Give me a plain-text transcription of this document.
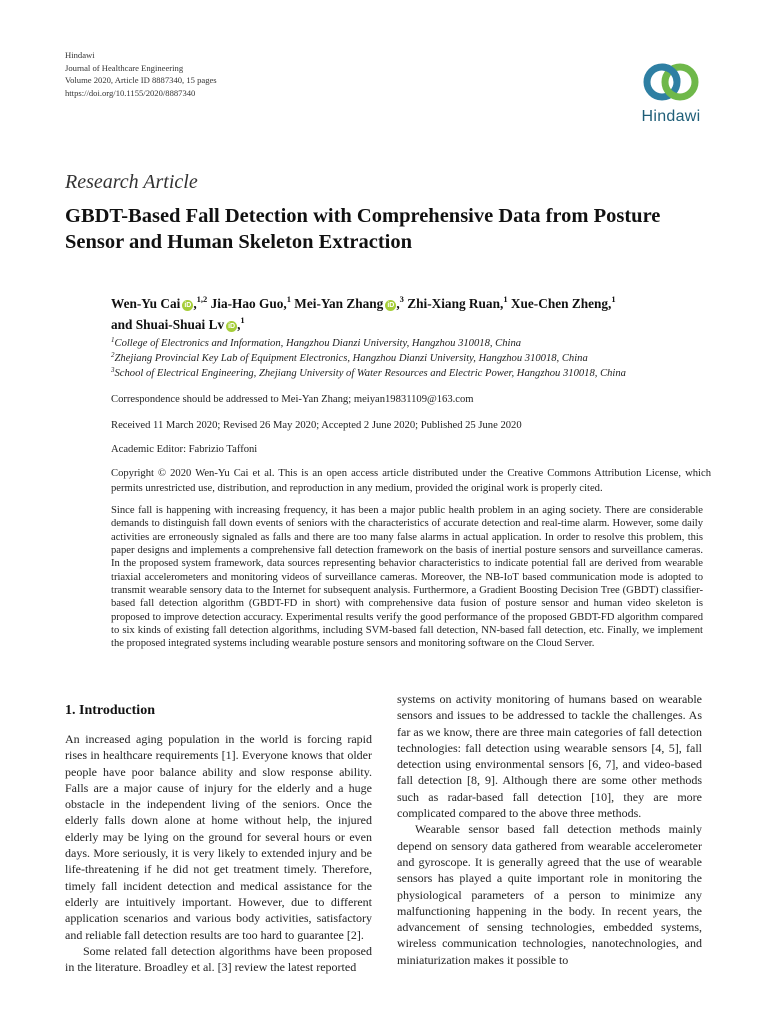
Hindawi
Journal of Healthcare Engineering
Volume 2020, Article ID 8887340, 15 pages
https://doi.org/10.1155/2020/8887340
Hindawi
Research Article
GBDT-Based Fall Detection with Comprehensive Data from Posture Sensor and Human Skeleton Extraction
Wen-Yu Cai iD ,$^{1,2}$ Jia-Hao Guo,$^1$ Mei-Yan Zhang iD ,$^3$ Zhi-Xiang Ruan,$^1$ Xue-Chen Zheng,$^1$
and Shuai-Shuai Lv iD ,$^1$
$^1$College of Electronics and Information, Hangzhou Dianzi University, Hangzhou 310018, China
$^2$Zhejiang Provincial Key Lab of Equipment Electronics, Hangzhou Dianzi University, Hangzhou 310018, China
$^3$School of Electrical Engineering, Zhejiang University of Water Resources and Electric Power, Hangzhou 310018, China
Correspondence should be addressed to Mei-Yan Zhang; meiyan19831109@163.com
Received 11 March 2020; Revised 26 May 2020; Accepted 2 June 2020; Published 25 June 2020
Academic Editor: Fabrizio Taffoni
Copyright © 2020 Wen-Yu Cai et al. This is an open access article distributed under the Creative Commons Attribution License, which permits unrestricted use, distribution, and reproduction in any medium, provided the original work is properly cited.
Since fall is happening with increasing frequency, it has been a major public health problem in an aging society. There are considerable demands to distinguish fall down events of seniors with the characteristics of accurate detection and real-time alarm. However, some daily activities are erroneously signaled as falls and there are too many false alarms in actual application. In order to resolve this problem, this paper designs and implements a comprehensive fall detection framework on the basis of inertial posture sensors and surveillance cameras. In the proposed system framework, data sources representing behavior characteristics to indicate potential fall are derived from wearable triaxial accelerometers and monitoring videos of surveillance cameras. Moreover, the NB-IoT based communication mode is adopted to transmit wearable sensory data to the Internet for subsequent analysis. Furthermore, a Gradient Boosting Decision Tree (GBDT) classifier-based fall detection algorithm (GBDT-FD in short) with comprehensive data fusion of posture sensor and human video skeleton is proposed to improve detection accuracy. Experimental results verify the good performance of the proposed GBDT-FD algorithm compared to six kinds of existing fall detection algorithms, including SVM-based fall detection, NN-based fall detection, etc. Finally, we implement the proposed integrated systems including wearable posture sensors and monitoring software on the Cloud Server.
1. Introduction

An increased aging population in the world is forcing rapid rises in healthcare requirements [1]. Everyone knows that older people have poor balance ability and slow response ability. Falls are a major cause of injury for the elderly and a huge obstacle in the independent living of the seniors. Once the elderly falls down alone at home without help, the injured elderly may be lying on the ground for several hours or even days. More seriously, it is very likely to extended injury and be life-threatening if he did not get treatment timely. Therefore, timely fall incident detection and medical assistance for the elderly are intuitively important. However, due to different application scenarios and various body activities, satisfactory and reliable fall detection results are too hard to guarantee [2].

Some related fall detection algorithms have been proposed in the literature. Broadley et al. [3] review the latest reported

systems on activity monitoring of humans based on wearable sensors and issues to be addressed to tackle the challenges. As far as we know, there are three main categories of fall detection technologies: fall detection using wearable sensors [4, 5], fall detection using environmental sensors [6, 7], and video-based fall detection [8, 9]. Although there are some other methods such as radar-based fall detection [10], they are more complicated compared to the above three methods.

Wearable sensor based fall detection methods mainly depend on sensory data gathered from wearable accelerometer and gyroscope. It is generally agreed that the use of wearable sensors has played a quite important role in monitoring the physiological parameters of a person to minimize any malfunctioning happening in the body. In recent years, the advancement of sensing technologies, embedded systems, wireless communication technologies, nanotechnologies, and miniaturization makes it possible to
